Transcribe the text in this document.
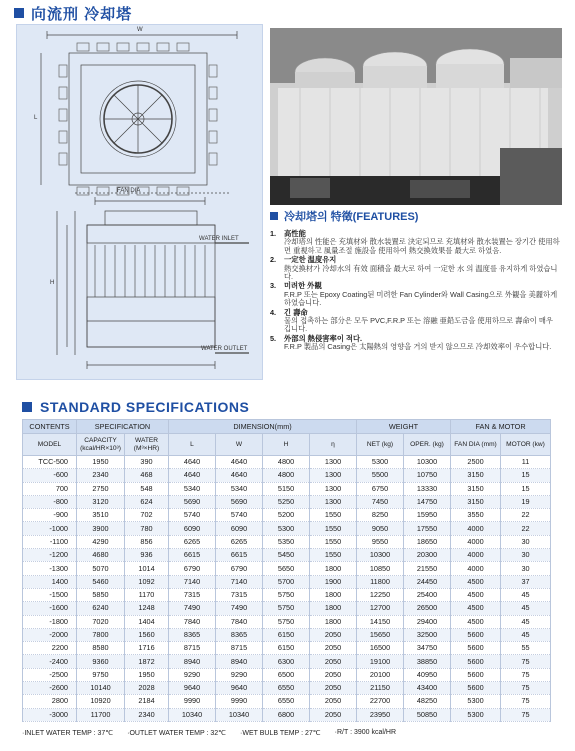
向流刑 冷却塔
FAN DIA
W
L
H
WATER INLET
WATER OUTLET
冷却塔의 特徵(FEATURES)
1.	高性能
冷却塔의 性能은 充填材와 散水装置로 決定되므로 充填材와 散水装置는 장기간 使用하면 重視하고 風量조절 施設을 使用하여 熱交換效果를 最大로 하였음.
2.	一定한 温度유지
熱交換材가 冷却水의 有效 面積을 最大로 하여 一定한 水 의 温度를 유지하게 하였습니다.
3.	미려한 外観
F.R.P 또는 Epoxy Coating된 미려한 Fan Cylinder와 Wall Casing으로 外観을 美麗하게 하였습니다.
4.	긴 壽命
물의 접촉하는 部分은 모두 PVC,F.R.P 또는 溶融 亜鉛도금을 使用하므로 壽命이 매우 깁니다.
5.	外部의 熱侵害率이 적다.
F.R.P 製品의 Casing은 太陽熱의 영향을 거의 받지 않으므로 冷却效率이 우수합니다.
STANDARD SPECIFICATIONS
CONTENTS	SPECIFICATION		DIMENSION(mm)				WEIGHT		FAN & MOTOR	
MODEL	CAPACITY (kcal/HR×10³)	WATER (M³×HR)	L	W	H	η	NET (kg)	OPER. (kg)	FAN DIA (mm)	MOTOR (kw)
TCC-500	1950	390	4640	4640	4800	1300	5300	10300	2500	11
-600	2340	468	4640	4640	4800	1300	5500	10750	3150	15
700	2750	548	5340	5340	5150	1300	6750	13330	3150	15
-800	3120	624	5690	5690	5250	1300	7450	14750	3150	19
-900	3510	702	5740	5740	5200	1550	8250	15950	3550	22
-1000	3900	780	6090	6090	5300	1550	9050	17550	4000	22
-1100	4290	856	6265	6265	5350	1550	9550	18650	4000	30
-1200	4680	936	6615	6615	5450	1550	10300	20300	4000	30
-1300	5070	1014	6790	6790	5650	1800	10850	21550	4000	30
1400	5460	1092	7140	7140	5700	1900	11800	24450	4500	37
-1500	5850	1170	7315	7315	5750	1800	12250	25400	4500	45
-1600	6240	1248	7490	7490	5750	1800	12700	26500	4500	45
-1800	7020	1404	7840	7840	5750	1800	14150	29400	4500	45
-2000	7800	1560	8365	8365	6150	2050	15650	32500	5600	45
2200	8580	1716	8715	8715	6150	2050	16500	34750	5600	55
-2400	9360	1872	8940	8940	6300	2050	19100	38850	5600	75
-2500	9750	1950	9290	9290	6500	2050	20100	40950	5600	75
-2600	10140	2028	9640	9640	6550	2050	21150	43400	5600	75
2800	10920	2184	9990	9990	6550	2050	22700	48250	5300	75
-3000	11700	2340	10340	10340	6800	2050	23950	50850	5300	75
· INLET WATER TEMP : 37℃	· OUTLET WATER TEMP : 32℃	· WET BULB TEMP : 27℃	· R/T : 3900 kcal/HR
